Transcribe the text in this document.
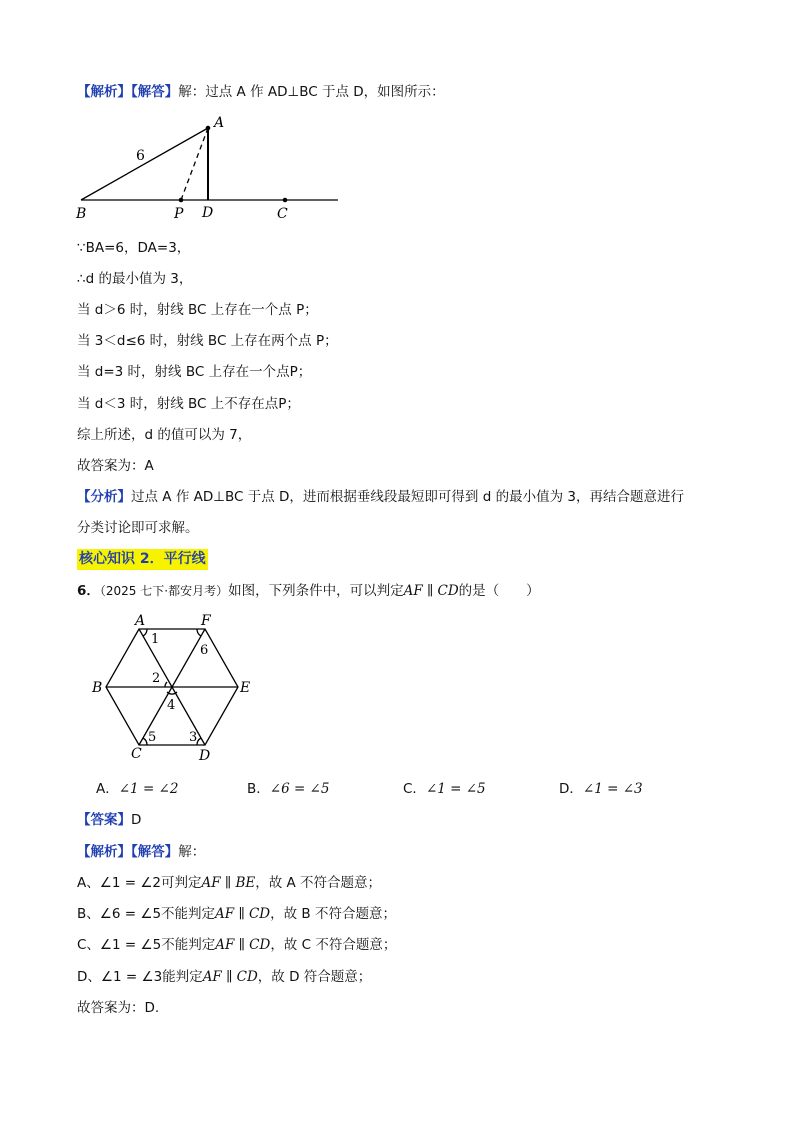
【解析】【解答】解：过点 A 作 AD⊥BC 于点 D，如图所示：
A
B	P D	C
6
∵BA=6，DA=3，
∴d 的最小值为 3，
当 d＞6 时，射线 BC 上存在一个点 P；
当 3＜d≤6 时，射线 BC 上存在两个点 P；
当 d=3 时，射线 BC 上存在一个点P；
当 d＜3 时，射线 BC 上不存在点P；
综上所述，d 的值可以为 7，
故答案为：A
【分析】过点 A 作 AD⊥BC 于点 D，进而根据垂线段最短即可得到 d 的最小值为 3，再结合题意进行
分类讨论即可求解。
核心知识 2．平行线
6．（2025 七下·都安月考）如图，下列条件中，可以判定AF ∥ CD的是（　　）
A	F
B	E
C	D
1
2
4
3
5
6
A．∠1 = ∠2	B．∠6 = ∠5	C．∠1 = ∠5	D．∠1 = ∠3
【答案】D
【解析】【解答】解：
A、∠1 = ∠2可判定AF ∥ BE，故 A 不符合题意；
B、∠6 = ∠5不能判定AF ∥ CD，故 B 不符合题意；
C、∠1 = ∠5不能判定AF ∥ CD，故 C 不符合题意；
D、∠1 = ∠3能判定AF ∥ CD，故 D 符合题意；
故答案为：D.
